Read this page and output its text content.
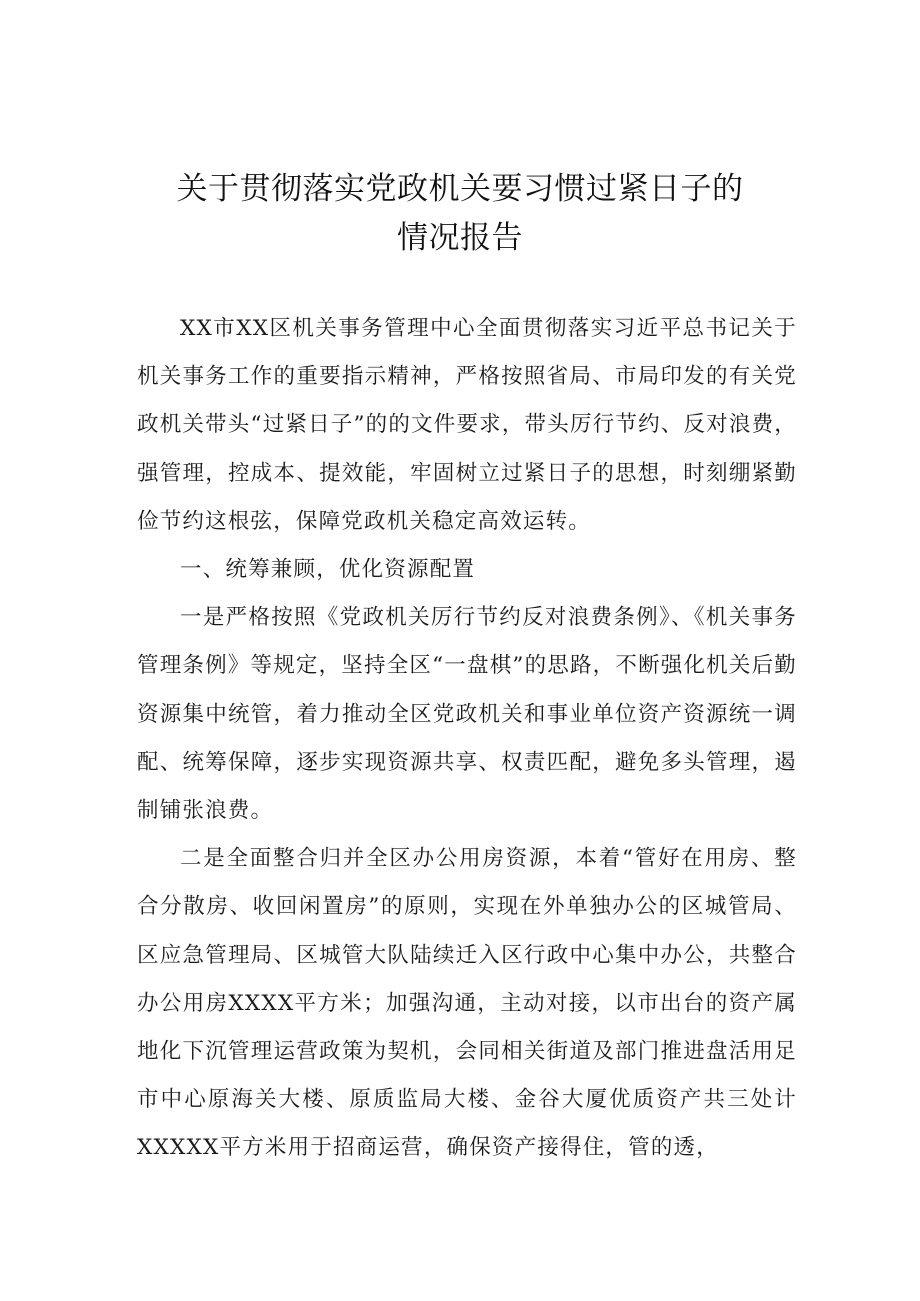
关于贯彻落实党政机关要习惯过紧日子的
情况报告

XX市XX区机关事务管理中心全面贯彻落实习近平总书记关于机关事务工作的重要指示精神，严格按照省局、市局印发的有关党政机关带头“过紧日子”的的文件要求，带头厉行节约、反对浪费，强管理，控成本、提效能，牢固树立过紧日子的思想，时刻绷紧勤俭节约这根弦，保障党政机关稳定高效运转。

一、统筹兼顾，优化资源配置

一是严格按照《党政机关厉行节约反对浪费条例》、《机关事务管理条例》等规定，坚持全区“一盘棋”的思路，不断强化机关后勤资源集中统管，着力推动全区党政机关和事业单位资产资源统一调配、统筹保障，逐步实现资源共享、权责匹配，避免多头管理，遏制铺张浪费。

二是全面整合归并全区办公用房资源，本着“管好在用房、整合分散房、收回闲置房”的原则，实现在外单独办公的区城管局、区应急管理局、区城管大队陆续迁入区行政中心集中办公，共整合办公用房XXXX平方米；加强沟通，主动对接，以市出台的资产属地化下沉管理运营政策为契机，会同相关街道及部门推进盘活用足市中心原海关大楼、原质监局大楼、金谷大厦优质资产共三处计XXXXX平方米用于招商运营，确保资产接得住，管的透，
